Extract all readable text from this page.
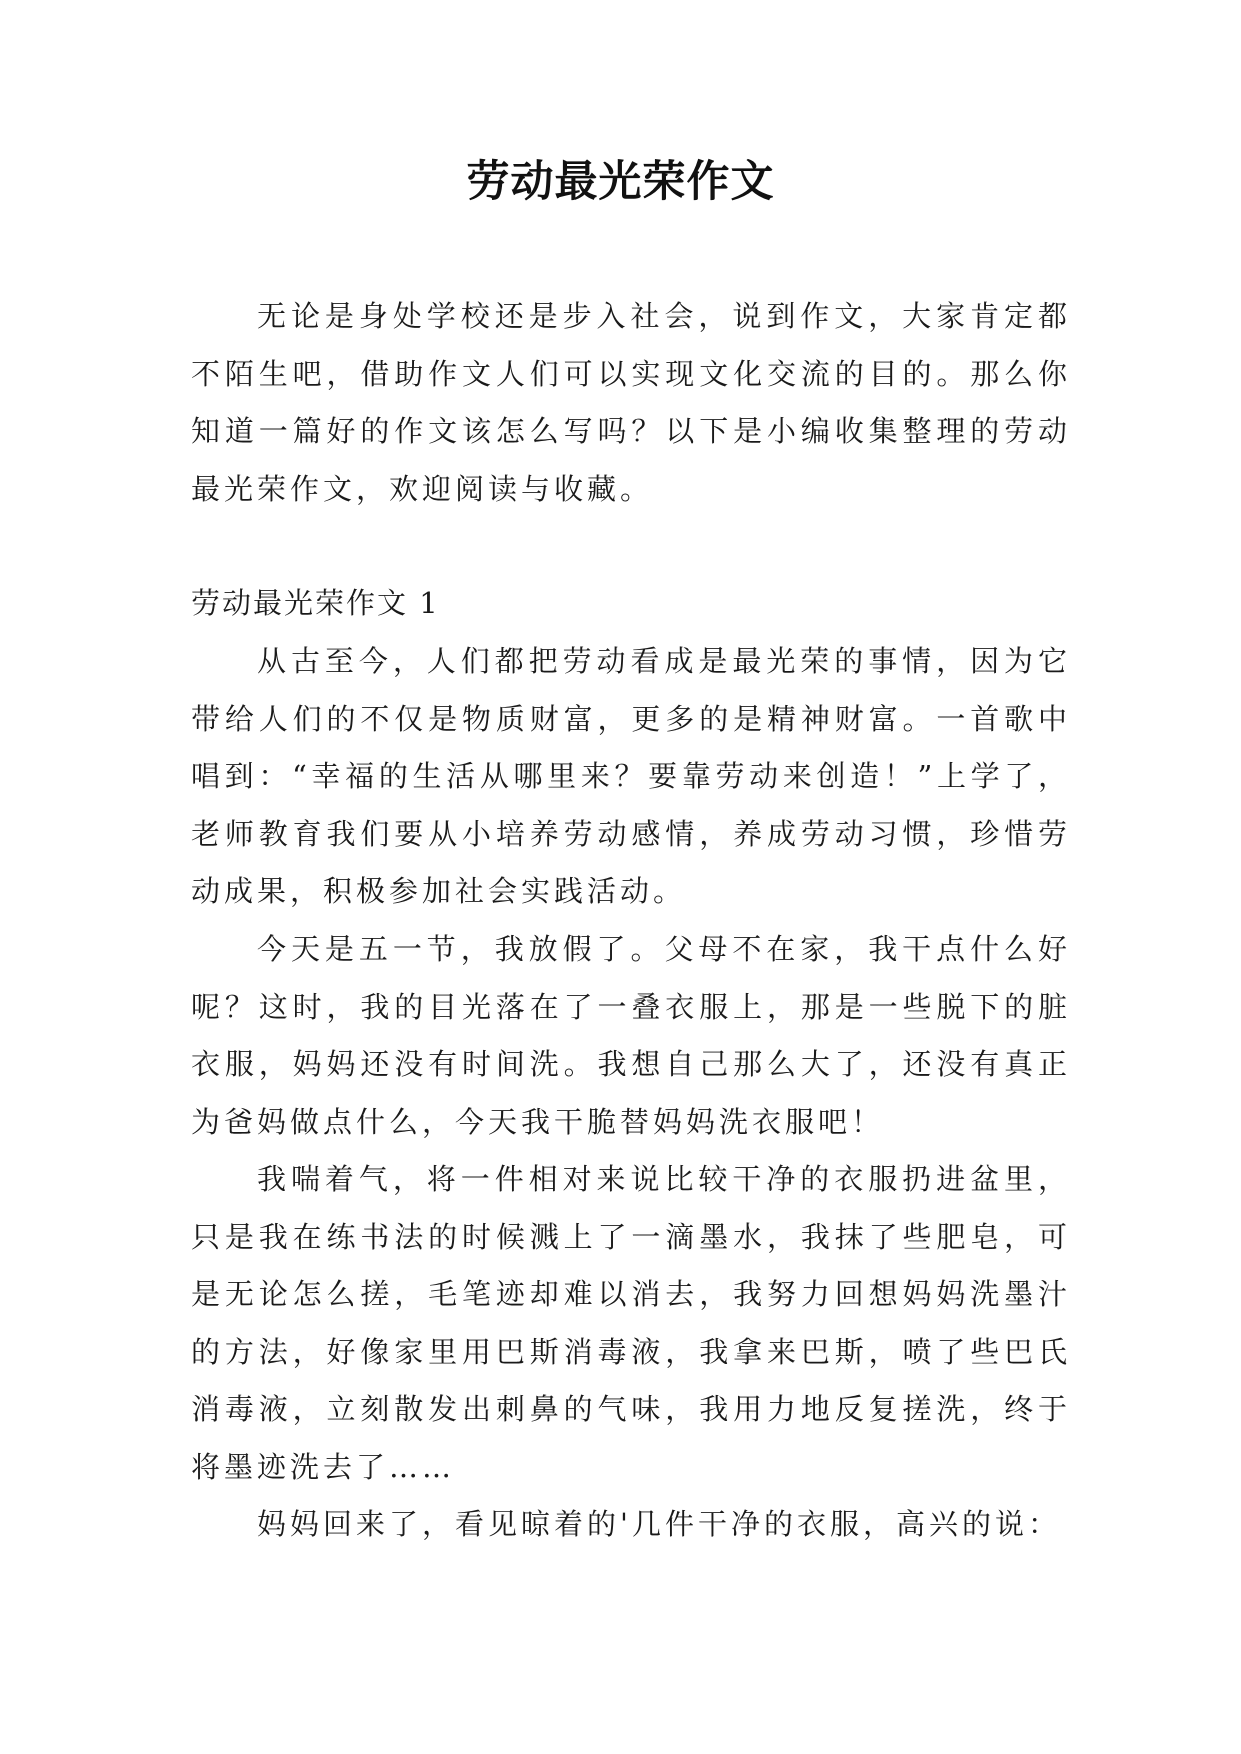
劳动最光荣作文

无论是身处学校还是步入社会，说到作文，大家肯定都不陌生吧，借助作文人们可以实现文化交流的目的。那么你知道一篇好的作文该怎么写吗？以下是小编收集整理的劳动最光荣作文，欢迎阅读与收藏。

劳动最光荣作文 1

从古至今，人们都把劳动看成是最光荣的事情，因为它带给人们的不仅是物质财富，更多的是精神财富。一首歌中唱到：“幸福的生活从哪里来？要靠劳动来创造！”上学了，老师教育我们要从小培养劳动感情，养成劳动习惯，珍惜劳动成果，积极参加社会实践活动。

今天是五一节，我放假了。父母不在家，我干点什么好呢？这时，我的目光落在了一叠衣服上，那是一些脱下的脏衣服，妈妈还没有时间洗。我想自己那么大了，还没有真正为爸妈做点什么，今天我干脆替妈妈洗衣服吧！

我喘着气，将一件相对来说比较干净的衣服扔进盆里，只是我在练书法的时候溅上了一滴墨水，我抹了些肥皂，可是无论怎么搓，毛笔迹却难以消去，我努力回想妈妈洗墨汁的方法，好像家里用巴斯消毒液，我拿来巴斯，喷了些巴氏消毒液，立刻散发出刺鼻的气味，我用力地反复搓洗，终于将墨迹洗去了……

妈妈回来了，看见晾着的'几件干净的衣服，高兴的说：
